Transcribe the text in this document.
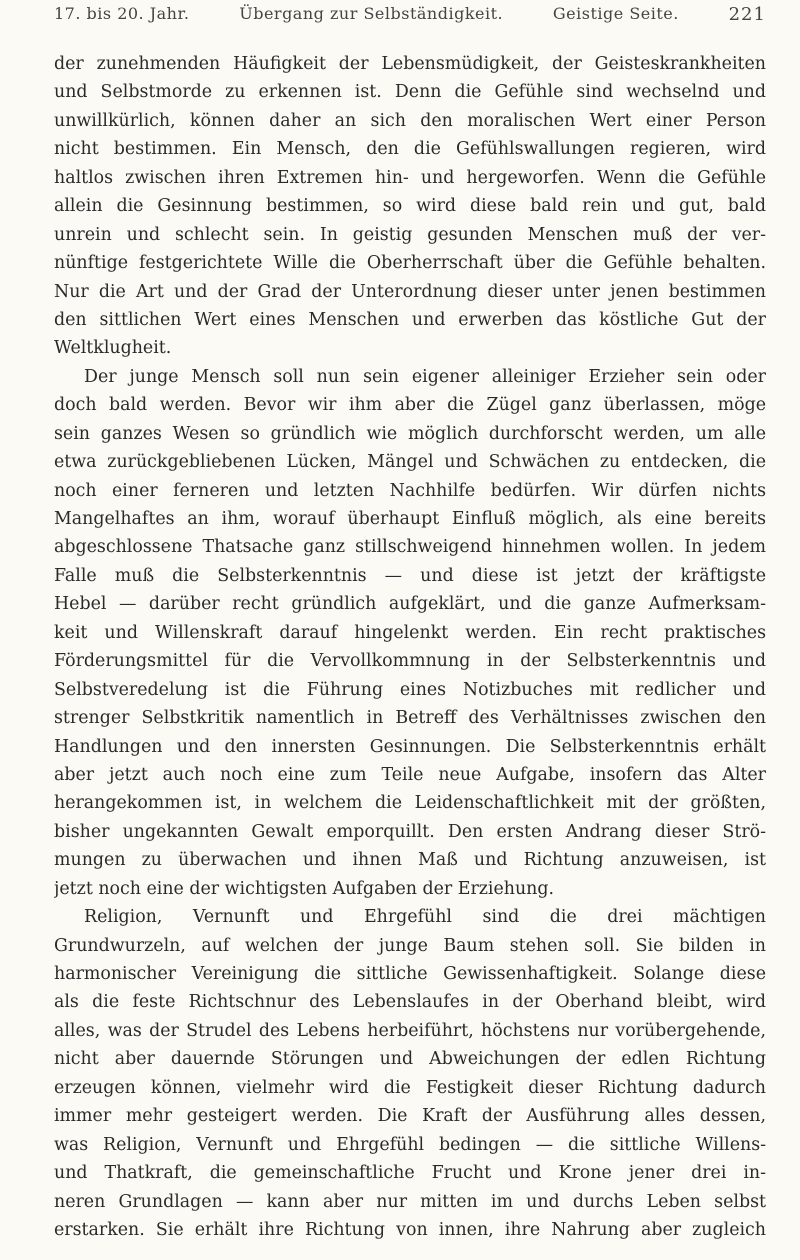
17. bis 20. Jahr.	Übergang zur Selbständigkeit.	Geistige Seite.	221
der zunehmenden Häufigkeit der Lebensmüdigkeit, der Geisteskrankheiten
und Selbstmorde zu erkennen ist. Denn die Gefühle sind wechselnd und
unwillkürlich, können daher an sich den moralischen Wert einer Person
nicht bestimmen. Ein Mensch, den die Gefühlswallungen regieren, wird
haltlos zwischen ihren Extremen hin- und hergeworfen. Wenn die Gefühle
allein die Gesinnung bestimmen, so wird diese bald rein und gut, bald
unrein und schlecht sein. In geistig gesunden Menschen muß der ver-
nünftige festgerichtete Wille die Oberherrschaft über die Gefühle behalten.
Nur die Art und der Grad der Unterordnung dieser unter jenen bestimmen
den sittlichen Wert eines Menschen und erwerben das köstliche Gut der
Weltklugheit.
Der junge Mensch soll nun sein eigener alleiniger Erzieher sein oder
doch bald werden. Bevor wir ihm aber die Zügel ganz überlassen, möge
sein ganzes Wesen so gründlich wie möglich durchforscht werden, um alle
etwa zurückgebliebenen Lücken, Mängel und Schwächen zu entdecken, die
noch einer ferneren und letzten Nachhilfe bedürfen. Wir dürfen nichts
Mangelhaftes an ihm, worauf überhaupt Einfluß möglich, als eine bereits
abgeschlossene Thatsache ganz stillschweigend hinnehmen wollen. In jedem
Falle muß die Selbsterkenntnis — und diese ist jetzt der kräftigste
Hebel — darüber recht gründlich aufgeklärt, und die ganze Aufmerksam-
keit und Willenskraft darauf hingelenkt werden. Ein recht praktisches
Förderungsmittel für die Vervollkommnung in der Selbsterkenntnis und
Selbstveredelung ist die Führung eines Notizbuches mit redlicher und
strenger Selbstkritik namentlich in Betreff des Verhältnisses zwischen den
Handlungen und den innersten Gesinnungen. Die Selbsterkenntnis erhält
aber jetzt auch noch eine zum Teile neue Aufgabe, insofern das Alter
herangekommen ist, in welchem die Leidenschaftlichkeit mit der größten,
bisher ungekannten Gewalt emporquillt. Den ersten Andrang dieser Strö-
mungen zu überwachen und ihnen Maß und Richtung anzuweisen, ist
jetzt noch eine der wichtigsten Aufgaben der Erziehung.
Religion, Vernunft und Ehrgefühl sind die drei mächtigen
Grundwurzeln, auf welchen der junge Baum stehen soll. Sie bilden in
harmonischer Vereinigung die sittliche Gewissenhaftigkeit. Solange diese
als die feste Richtschnur des Lebenslaufes in der Oberhand bleibt, wird
alles, was der Strudel des Lebens herbeiführt, höchstens nur vorübergehende,
nicht aber dauernde Störungen und Abweichungen der edlen Richtung
erzeugen können, vielmehr wird die Festigkeit dieser Richtung dadurch
immer mehr gesteigert werden. Die Kraft der Ausführung alles dessen,
was Religion, Vernunft und Ehrgefühl bedingen — die sittliche Willens-
und Thatkraft, die gemeinschaftliche Frucht und Krone jener drei in-
neren Grundlagen — kann aber nur mitten im und durchs Leben selbst
erstarken. Sie erhält ihre Richtung von innen, ihre Nahrung aber zugleich
